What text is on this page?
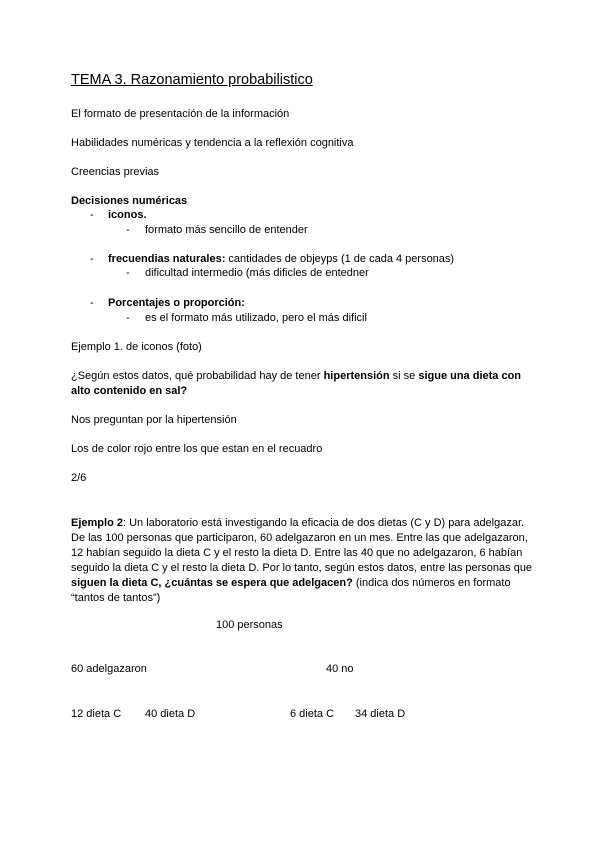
TEMA 3. Razonamiento probabilistico
El formato de presentación de la información
Habilidades numéricas y tendencia a la reflexión cognitiva
Creencias previas
Decisiones numéricas
- iconos.
- formato más sencillo de entender
- frecuendias naturales: cantidades de objeyps (1 de cada 4 personas)
- dificultad intermedio (más dificles de entedner
- Porcentajes o proporción:
- es el formato más utilizado, pero el más dificil
Ejemplo 1. de iconos (foto)
¿Según estos datos, qué probabilidad hay de tener hipertensión si se sigue una dieta con alto contenido en sal?
Nos preguntan por la hipertensión
Los de color rojo entre los que estan en el recuadro
2/6
Ejemplo 2: Un laboratorio está investigando la eficacia de dos dietas (C y D) para adelgazar. De las 100 personas que participaron, 60 adelgazaron en un mes. Entre las que adelgazaron, 12 habían seguido la dieta C y el resto la dieta D. Entre las 40 que no adelgazaron, 6 habían seguido la dieta C y el resto la dieta D. Por lo tanto, según estos datos, entre las personas que siguen la dieta C, ¿cuántas se espera que adelgacen? (indica dos números en formato “tantos de tantos”)
100 personas
60 adelgazaron	40 no
12 dieta C 40 dieta D	6 dieta C 34 dieta D
